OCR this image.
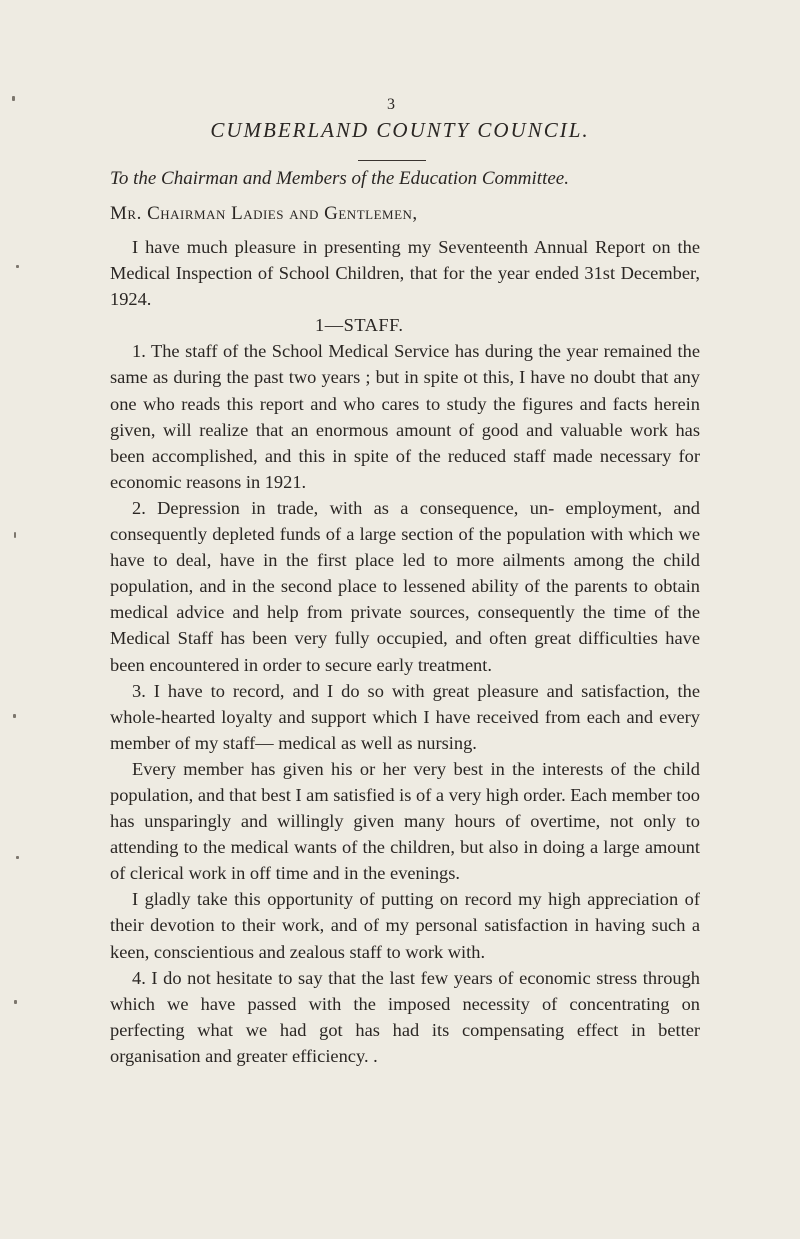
3
CUMBERLAND COUNTY COUNCIL.
To the Chairman and Members of the Education Committee.
Mr. Chairman Ladies and Gentlemen,

I have much pleasure in presenting my Seventeenth Annual Report on the Medical Inspection of School Children, that for the year ended 31st December, 1924.

1—STAFF.

1. The staff of the School Medical Service has during the year remained the same as during the past two years ; but in spite ot this, I have no doubt that any one who reads this report and who cares to study the figures and facts herein given, will realize that an enormous amount of good and valuable work has been accomplished, and this in spite of the reduced staff made necessary for economic reasons in 1921.

2. Depression in trade, with as a consequence, un- employment, and consequently depleted funds of a large section of the population with which we have to deal, have in the first place led to more ailments among the child population, and in the second place to lessened ability of the parents to obtain medical advice and help from private sources, consequently the time of the Medical Staff has been very fully occupied, and often great difficulties have been encountered in order to secure early treatment.

3. I have to record, and I do so with great pleasure and satisfaction, the whole-hearted loyalty and support which I have received from each and every member of my staff— medical as well as nursing.

Every member has given his or her very best in the interests of the child population, and that best I am satisfied is of a very high order. Each member too has unsparingly and willingly given many hours of overtime, not only to attending to the medical wants of the children, but also in doing a large amount of clerical work in off time and in the evenings.

I gladly take this opportunity of putting on record my high appreciation of their devotion to their work, and of my personal satisfaction in having such a keen, conscientious and zealous staff to work with.

4. I do not hesitate to say that the last few years of economic stress through which we have passed with the imposed necessity of concentrating on perfecting what we had got has had its compensating effect in better organisation and greater efficiency. .
